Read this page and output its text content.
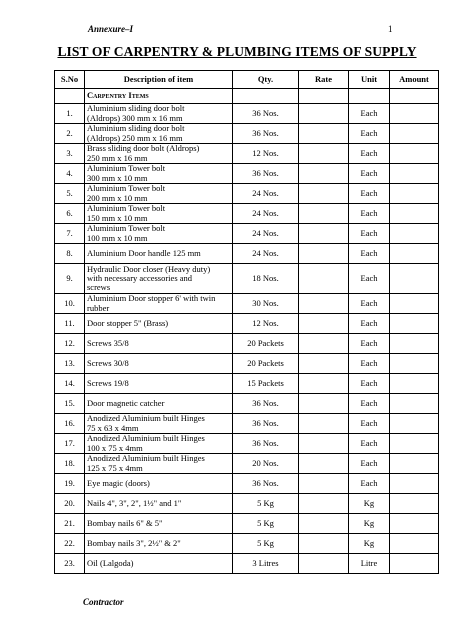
Annexure–I	1
LIST OF CARPENTRY & PLUMBING ITEMS OF SUPPLY
S.No	Description of item	Qty.	Rate	Unit	Amount
	Carpentry Items				
1.	Aluminium sliding door bolt
(Aldrops) 300 mm x 16 mm	36 Nos.		Each	
2.	Aluminium sliding door bolt
(Aldrops) 250 mm x 16 mm	36 Nos.		Each	
3.	Brass sliding door bolt (Aldrops)
250 mm x 16 mm	12 Nos.		Each	
4.	Aluminium Tower bolt
300 mm x 10 mm	36 Nos.		Each	
5.	Aluminium Tower bolt
200 mm x 10 mm	24 Nos.		Each	
6.	Aluminium Tower bolt
150 mm x 10 mm	24 Nos.		Each	
7.	Aluminium Tower bolt
100 mm x 10 mm	24 Nos.		Each	
8.	Aluminium Door handle 125 mm	24 Nos.		Each	
9.	Hydraulic Door closer (Heavy duty)
with necessary accessories and
screws	18 Nos.		Each	
10.	Aluminium Door stopper 6' with twin
rubber	30 Nos.		Each	
11.	Door stopper 5" (Brass)	12 Nos.		Each	
12.	Screws 35/8	20 Packets		Each	
13.	Screws 30/8	20 Packets		Each	
14.	Screws 19/8	15 Packets		Each	
15.	Door magnetic catcher	36 Nos.		Each	
16.	Anodized Aluminium built Hinges
75 x 63 x 4mm	36 Nos.		Each	
17.	Anodized Aluminium built Hinges
100 x 75 x 4mm	36 Nos.		Each	
18.	Anodized Aluminium built Hinges
125 x 75 x 4mm	20 Nos.		Each	
19.	Eye magic (doors)	36 Nos.		Each	
20.	Nails 4", 3", 2", 1½" and 1"	5 Kg		Kg	
21.	Bombay nails 6" & 5"	5 Kg		Kg	
22.	Bombay nails 3", 2½" & 2"	5 Kg		Kg	
23.	Oil (Lalgoda)	3 Litres		Litre	
Contractor
